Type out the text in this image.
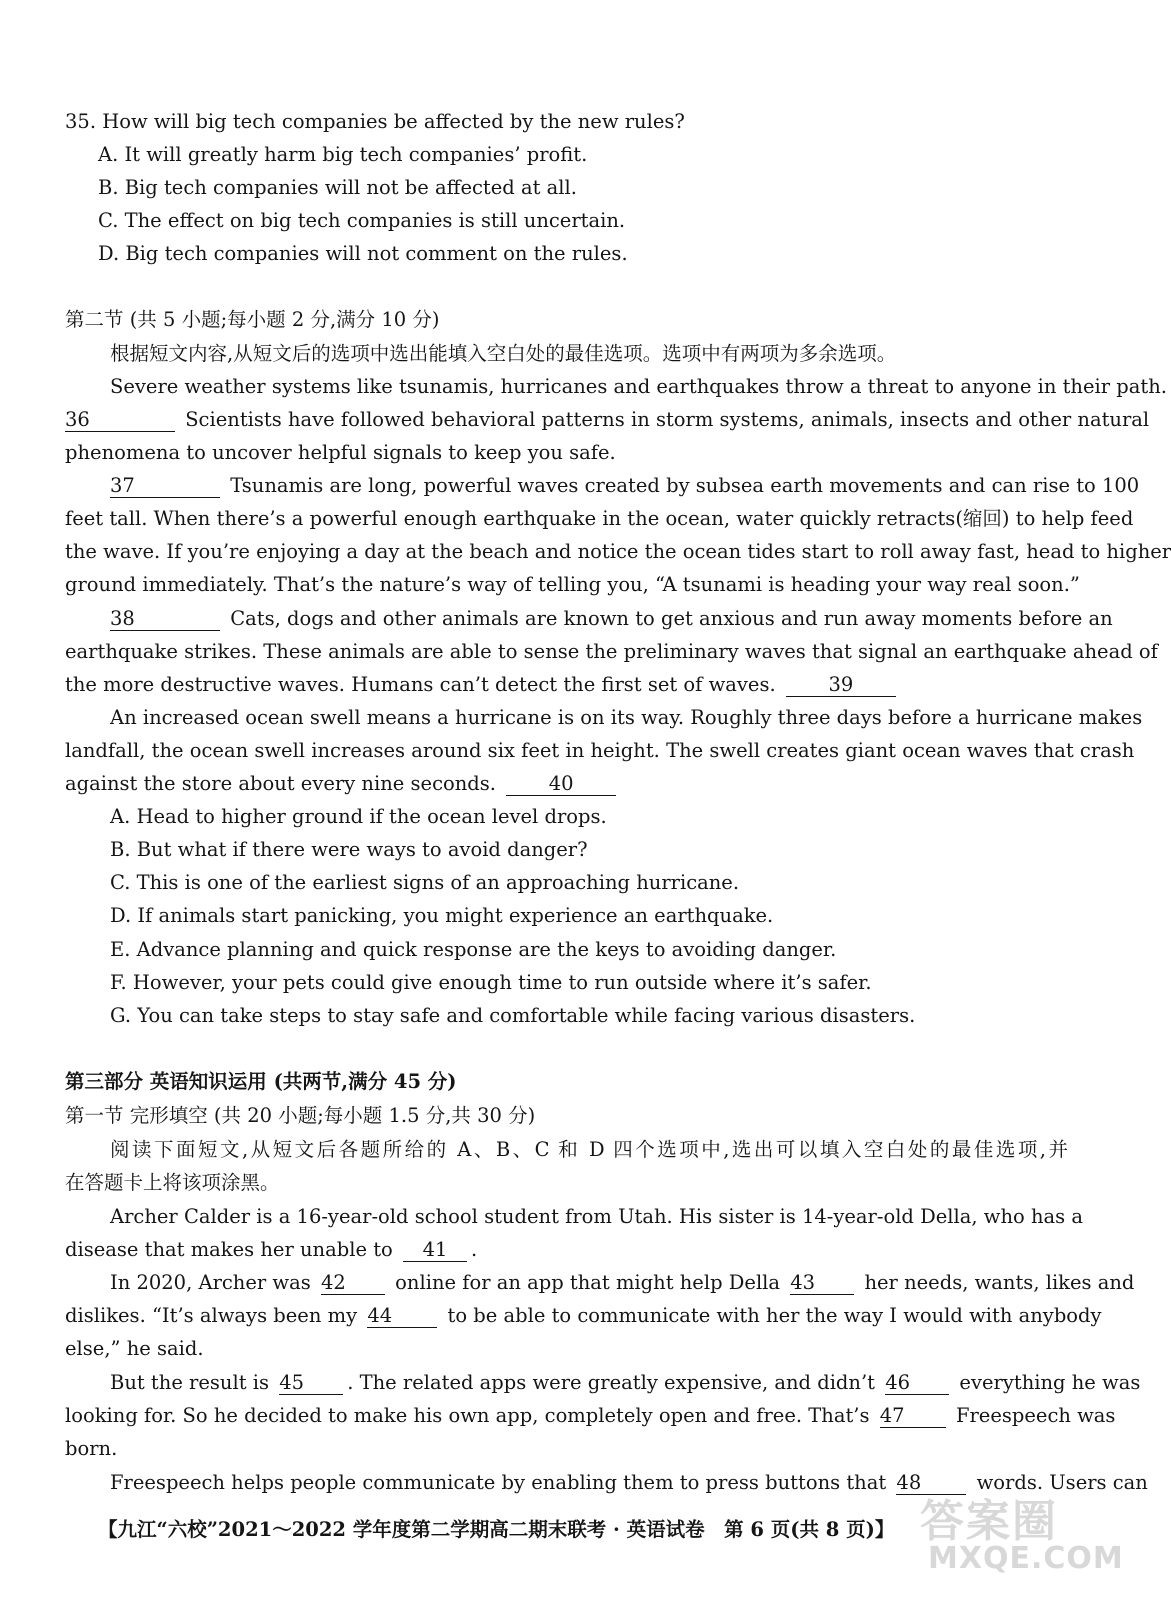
35. How will big tech companies be affected by the new rules?
A. It will greatly harm big tech companies’ profit.
B. Big tech companies will not be affected at all.
C. The effect on big tech companies is still uncertain.
D. Big tech companies will not comment on the rules.
第二节 (共 5 小题;每小题 2 分,满分 10 分)
根据短文内容,从短文后的选项中选出能填入空白处的最佳选项。选项中有两项为多余选项。
Severe weather systems like tsunamis, hurricanes and earthquakes throw a threat to anyone in their path.
36	Scientists have followed behavioral patterns in storm systems, animals, insects and other natural
phenomena to uncover helpful signals to keep you safe.
37	Tsunamis are long, powerful waves created by subsea earth movements and can rise to 100
feet tall. When there’s a powerful enough earthquake in the ocean, water quickly retracts(缩回) to help feed
the wave. If you’re enjoying a day at the beach and notice the ocean tides start to roll away fast, head to higher
ground immediately. That’s the nature’s way of telling you, “A tsunami is heading your way real soon.”
38	Cats, dogs and other animals are known to get anxious and run away moments before an
earthquake strikes. These animals are able to sense the preliminary waves that signal an earthquake ahead of
the more destructive waves. Humans can’t detect the first set of waves.	39
An increased ocean swell means a hurricane is on its way. Roughly three days before a hurricane makes
landfall, the ocean swell increases around six feet in height. The swell creates giant ocean waves that crash
against the store about every nine seconds.	40
A. Head to higher ground if the ocean level drops.
B. But what if there were ways to avoid danger?
C. This is one of the earliest signs of an approaching hurricane.
D. If animals start panicking, you might experience an earthquake.
E. Advance planning and quick response are the keys to avoiding danger.
F. However, your pets could give enough time to run outside where it’s safer.
G. You can take steps to stay safe and comfortable while facing various disasters.
第三部分 英语知识运用 (共两节,满分 45 分)
第一节 完形填空 (共 20 小题;每小题 1.5 分,共 30 分)
阅读下面短文,从短文后各题所给的 A、B、C 和 D 四个选项中,选出可以填入空白处的最佳选项,并
在答题卡上将该项涂黑。
Archer Calder is a 16-year-old school student from Utah. His sister is 14-year-old Della, who has a
disease that makes her unable to 41 .
In 2020, Archer was 42	online for an app that might help Della 43	her needs, wants, likes and
dislikes. “It’s always been my 44	to be able to communicate with her the way I would with anybody
else,” he said.
But the result is 45 . The related apps were greatly expensive, and didn’t 46	everything he was
looking for. So he decided to make his own app, completely open and free. That’s 47	Freespeech was
born.
Freespeech helps people communicate by enabling them to press buttons that 48	words. Users can
【九江“六校”2021～2022 学年度第二学期高二期末联考 · 英语试卷　第 6 页(共 8 页)】 答案圈
MXQE.COM
